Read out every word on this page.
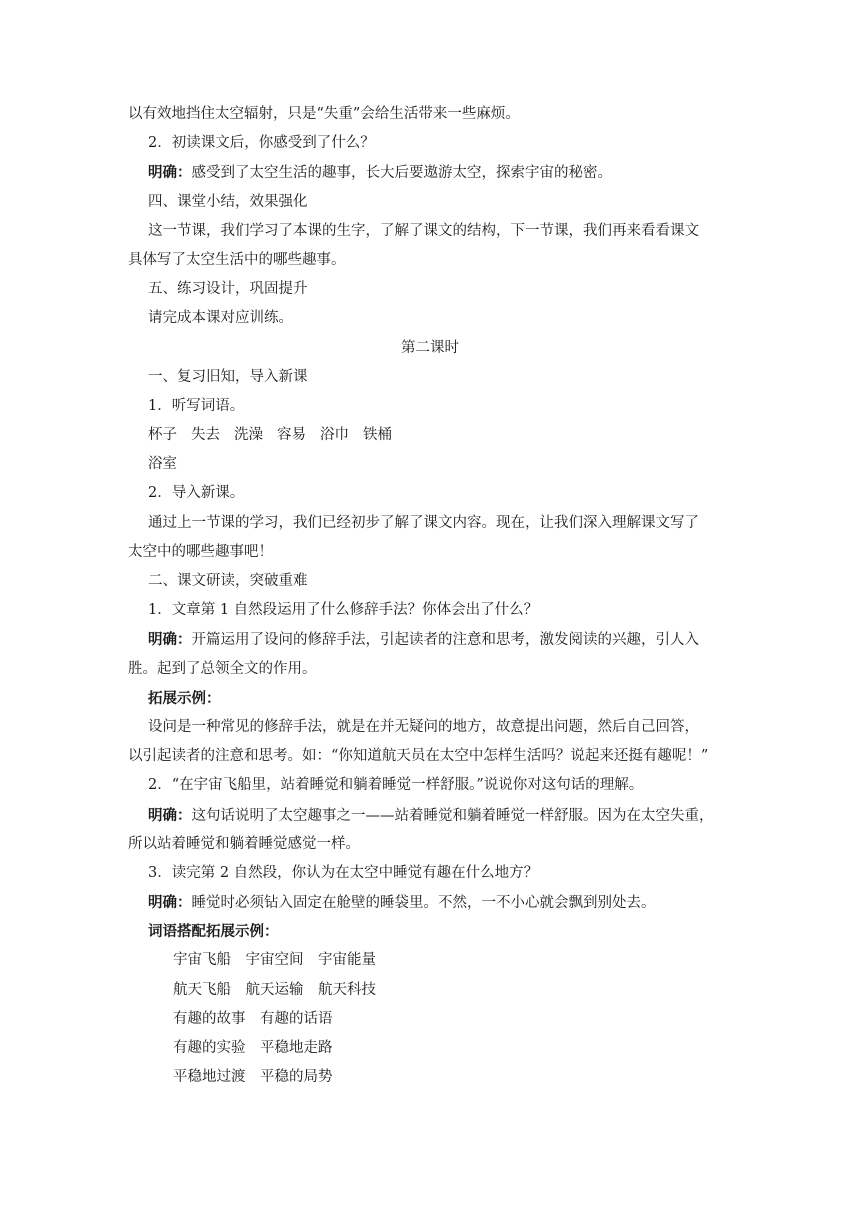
以有效地挡住太空辐射，只是“失重”会给生活带来一些麻烦。
2．初读课文后，你感受到了什么？
明确：感受到了太空生活的趣事，长大后要遨游太空，探索宇宙的秘密。
四、课堂小结，效果强化
这一节课，我们学习了本课的生字，了解了课文的结构，下一节课，我们再来看看课文
具体写了太空生活中的哪些趣事。
五、练习设计，巩固提升
请完成本课对应训练。
第二课时
一、复习旧知，导入新课
1．听写词语。
杯子 失去 洗澡 容易 浴巾 铁桶
浴室
2．导入新课。
通过上一节课的学习，我们已经初步了解了课文内容。现在，让我们深入理解课文写了
太空中的哪些趣事吧！
二、课文研读，突破重难
1．文章第 1 自然段运用了什么修辞手法？你体会出了什么？
明确：开篇运用了设问的修辞手法，引起读者的注意和思考，激发阅读的兴趣，引人入
胜。起到了总领全文的作用。
拓展示例：
设问是一种常见的修辞手法，就是在并无疑问的地方，故意提出问题，然后自己回答，
以引起读者的注意和思考。如：“你知道航天员在太空中怎样生活吗？说起来还挺有趣呢！”
2．“在宇宙飞船里，站着睡觉和躺着睡觉一样舒服。”说说你对这句话的理解。
明确：这句话说明了太空趣事之一——站着睡觉和躺着睡觉一样舒服。因为在太空失重，
所以站着睡觉和躺着睡觉感觉一样。
3．读完第 2 自然段，你认为在太空中睡觉有趣在什么地方？
明确：睡觉时必须钻入固定在舱壁的睡袋里。不然，一不小心就会飘到别处去。
词语搭配拓展示例：
宇宙飞船　宇宙空间　宇宙能量
航天飞船　航天运输　航天科技
有趣的故事　有趣的话语
有趣的实验　平稳地走路
平稳地过渡　平稳的局势
